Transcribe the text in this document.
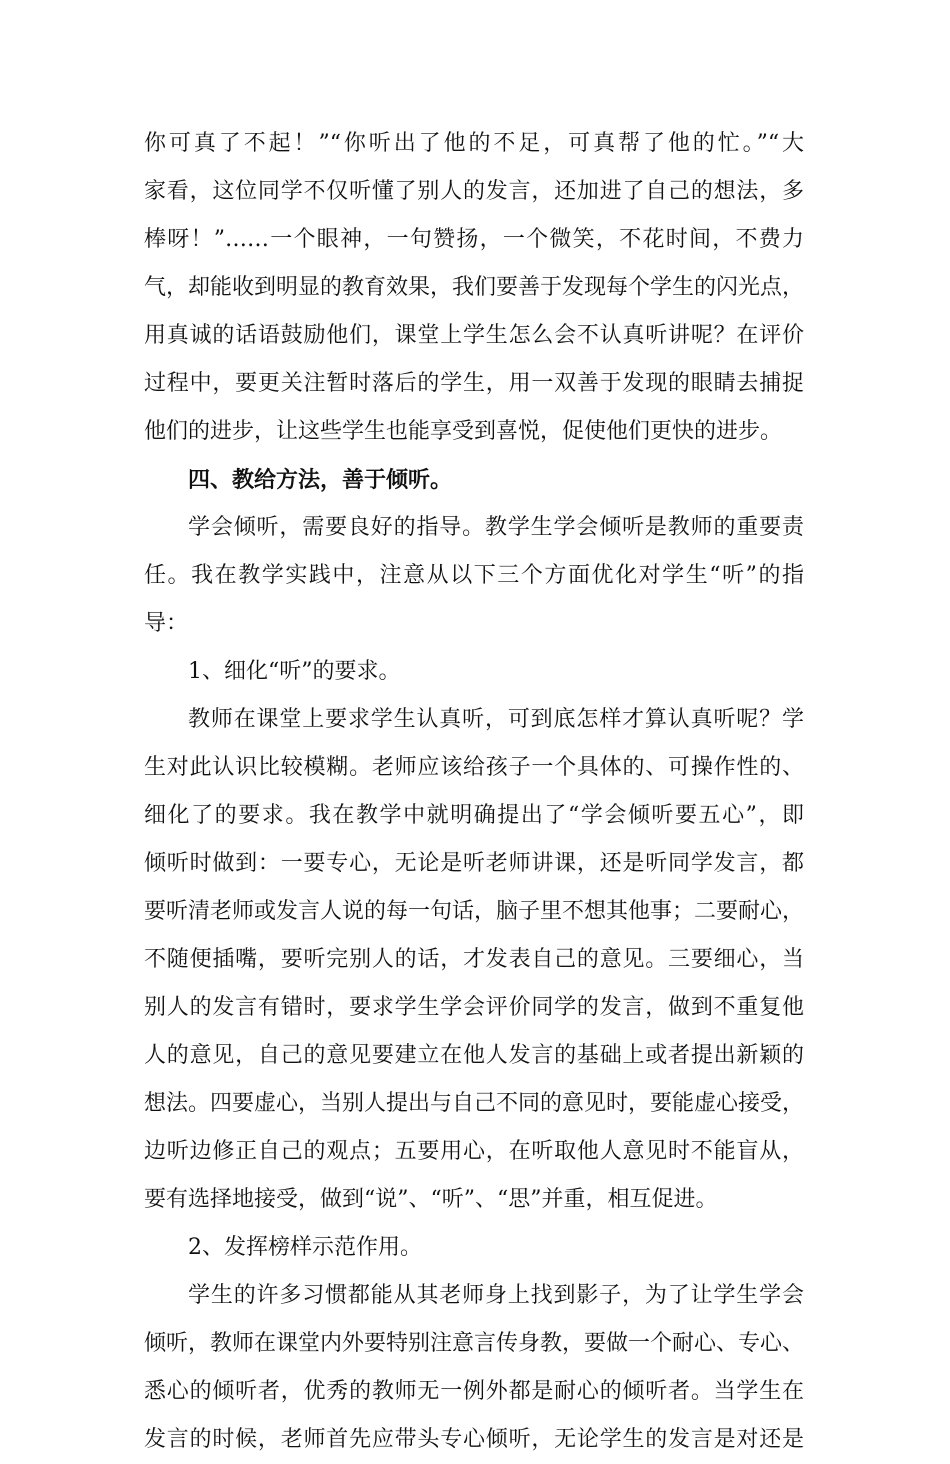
你可真了不起！”“你听出了他的不足，可真帮了他的忙。”“大
家看，这位同学不仅听懂了别人的发言，还加进了自己的想法，多
棒呀！”……一个眼神，一句赞扬，一个微笑，不花时间，不费力
气，却能收到明显的教育效果，我们要善于发现每个学生的闪光点，
用真诚的话语鼓励他们，课堂上学生怎么会不认真听讲呢？在评价
过程中，要更关注暂时落后的学生，用一双善于发现的眼睛去捕捉
他们的进步，让这些学生也能享受到喜悦，促使他们更快的进步。
四、教给方法，善于倾听。
学会倾听，需要良好的指导。教学生学会倾听是教师的重要责
任。我在教学实践中，注意从以下三个方面优化对学生“听”的指
导：
1、细化“听”的要求。
教师在课堂上要求学生认真听，可到底怎样才算认真听呢？学
生对此认识比较模糊。老师应该给孩子一个具体的、可操作性的、
细化了的要求。我在教学中就明确提出了“学会倾听要五心”，即
倾听时做到：一要专心，无论是听老师讲课，还是听同学发言，都
要听清老师或发言人说的每一句话，脑子里不想其他事；二要耐心，
不随便插嘴，要听完别人的话，才发表自己的意见。三要细心，当
别人的发言有错时，要求学生学会评价同学的发言，做到不重复他
人的意见，自己的意见要建立在他人发言的基础上或者提出新颖的
想法。四要虚心，当别人提出与自己不同的意见时，要能虚心接受，
边听边修正自己的观点；五要用心，在听取他人意见时不能盲从，
要有选择地接受，做到“说”、“听”、“思”并重，相互促进。
2、发挥榜样示范作用。
学生的许多习惯都能从其老师身上找到影子，为了让学生学会
倾听，教师在课堂内外要特别注意言传身教，要做一个耐心、专心、
悉心的倾听者，优秀的教师无一例外都是耐心的倾听者。当学生在
发言的时候，老师首先应带头专心倾听，无论学生的发言是对还是
